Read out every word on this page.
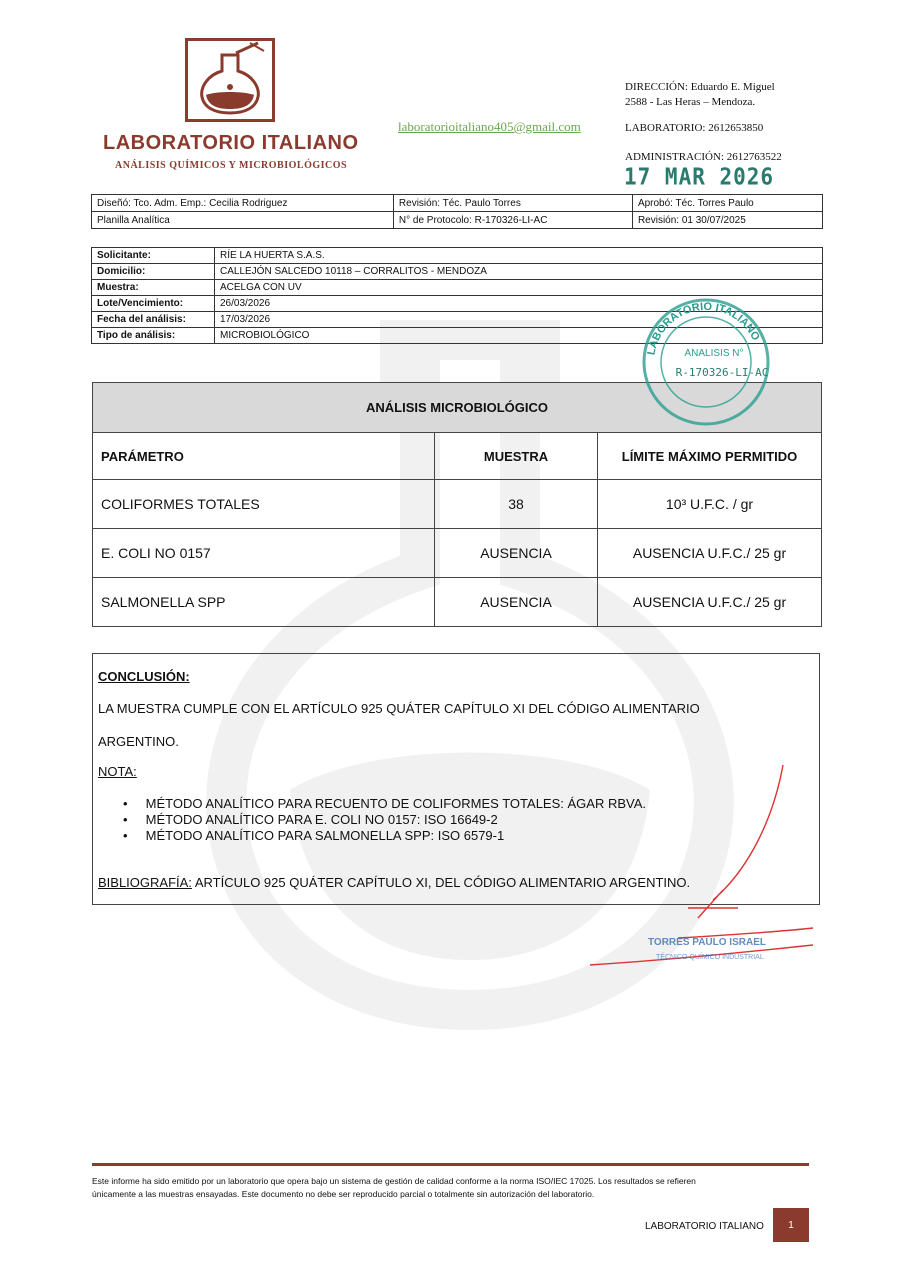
LABORATORIO ITALIANO
ANÁLISIS QUÍMICOS Y MICROBIOLÓGICOS
laboratorioitaliano405@gmail.com
DIRECCIÓN: Eduardo E. Miguel
2588 - Las Heras – Mendoza.
LABORATORIO: 2612653850
ADMINISTRACIÓN: 2612763522
17 MAR 2026
Diseñó: Tco. Adm. Emp.: Cecilia Rodriguez	Revisión: Téc. Paulo Torres	Aprobó: Téc. Torres Paulo
Planilla Analítica	N° de Protocolo: R-170326-LI-AC	Revisión: 01 30/07/2025
Solicitante:	RÍE LA HUERTA S.A.S.
Domicilio:	CALLEJÓN SALCEDO 10118 – CORRALITOS - MENDOZA
Muestra:	ACELGA CON UV
Lote/Vencimiento:	26/03/2026
Fecha del análisis:	17/03/2026
Tipo de análisis:	MICROBIOLÓGICO
ANÁLISIS MICROBIOLÓGICO		
PARÁMETRO	MUESTRA	LÍMITE MÁXIMO PERMITIDO
COLIFORMES TOTALES	38	10³ U.F.C. / gr
E. COLI NO 0157	AUSENCIA	AUSENCIA U.F.C./ 25 gr
SALMONELLA SPP	AUSENCIA	AUSENCIA U.F.C./ 25 gr
LABORATORIO ITALIANO
ANALISIS N°
R-170326-LI-AC
CONCLUSIÓN:
LA MUESTRA CUMPLE CON EL ARTÍCULO 925 QUÁTER CAPÍTULO XI DEL CÓDIGO ALIMENTARIO
ARGENTINO.
NOTA:
•     MÉTODO ANALÍTICO PARA RECUENTO DE COLIFORMES TOTALES: ÁGAR RBVA.
•     MÉTODO ANALÍTICO PARA E. COLI NO 0157: ISO 16649-2
•     MÉTODO ANALÍTICO PARA SALMONELLA SPP: ISO 6579-1
BIBLIOGRAFÍA: ARTÍCULO 925 QUÁTER CAPÍTULO XI, DEL CÓDIGO ALIMENTARIO ARGENTINO.
TORRES PAULO ISRAEL
TÉCNICO QUÍMICO INDUSTRIAL
Este informe ha sido emitido por un laboratorio que opera bajo un sistema de gestión de calidad conforme a la norma ISO/IEC 17025. Los resultados se refieren
únicamente a las muestras ensayadas. Este documento no debe ser reproducido parcial o totalmente sin autorización del laboratorio.
LABORATORIO ITALIANO	1
